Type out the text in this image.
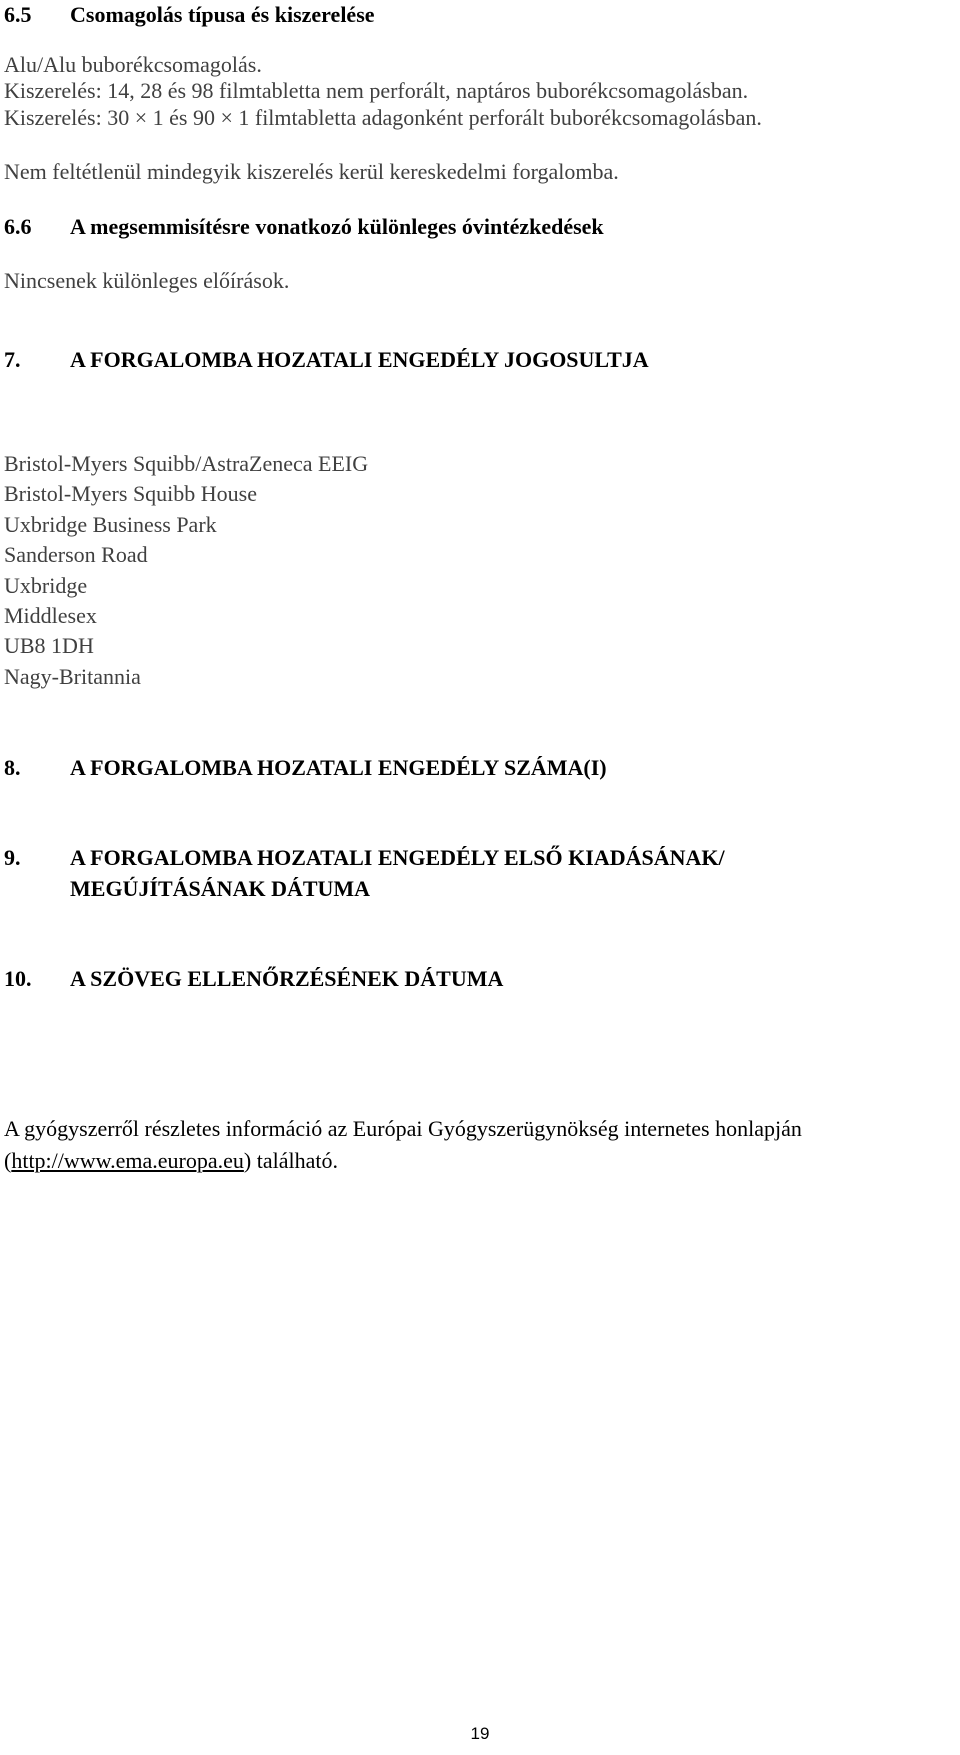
6.5 Csomagolás típusa és kiszerelése
Alu/Alu buborékcsomagolás.
Kiszerelés: 14, 28 és 98 filmtabletta nem perforált, naptáros buborékcsomagolásban.
Kiszerelés: 30 × 1 és 90 × 1 filmtabletta adagonként perforált buborékcsomagolásban.
Nem feltétlenül mindegyik kiszerelés kerül kereskedelmi forgalomba.
6.6 A megsemmisítésre vonatkozó különleges óvintézkedések
Nincsenek különleges előírások.
7. A FORGALOMBA HOZATALI ENGEDÉLY JOGOSULTJA
Bristol-Myers Squibb/AstraZeneca EEIG
Bristol-Myers Squibb House
Uxbridge Business Park
Sanderson Road
Uxbridge
Middlesex
UB8 1DH
Nagy-Britannia
8. A FORGALOMBA HOZATALI ENGEDÉLY SZÁMA(I)
9. A FORGALOMBA HOZATALI ENGEDÉLY ELSŐ KIADÁSÁNAK/
MEGÚJÍTÁSÁNAK DÁTUMA
10. A SZÖVEG ELLENŐRZÉSÉNEK DÁTUMA
A gyógyszerről részletes információ az Európai Gyógyszerügynökség internetes honlapján
(http://www.ema.europa.eu) található.
19
